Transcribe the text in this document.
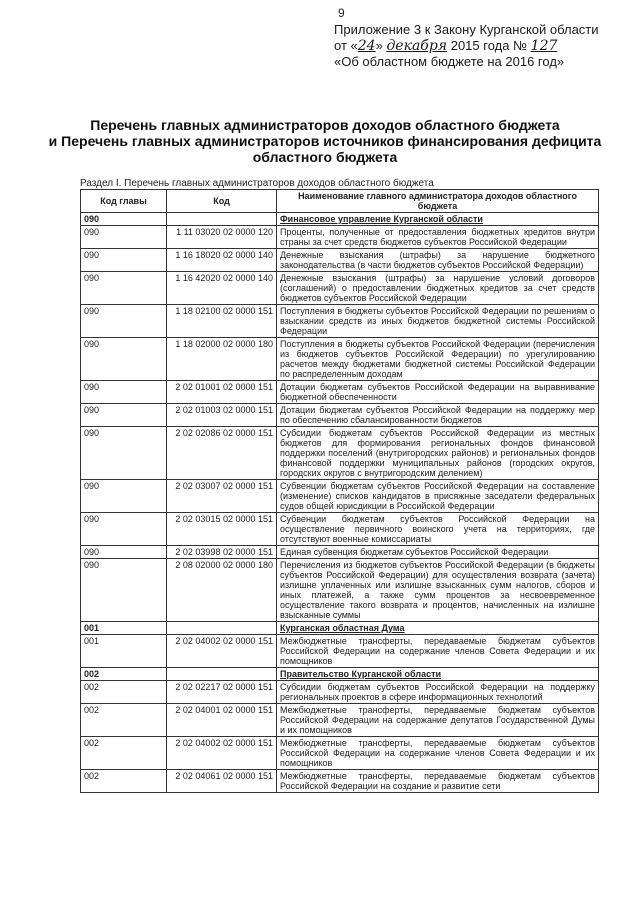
9
Приложение 3 к Закону Курганской области
от «24» декабря 2015 года № 127
«Об областном бюджете на 2016 год»
Перечень главных администраторов доходов областного бюджета
и Перечень главных администраторов источников финансирования дефицита
областного бюджета
Раздел I. Перечень главных администраторов доходов областного бюджета
Код главы	Код	Наименование главного администратора доходов областного бюджета
090		Финансовое управление Курганской области
090	1 11 03020 02 0000 120	Проценты, полученные от предоставления бюджетных кредитов внутри страны за счет средств бюджетов субъектов Российской Федерации
090	1 16 18020 02 0000 140	Денежные взыскания (штрафы) за нарушение бюджетного законодательства (в части бюджетов субъектов Российской Федерации)
090	1 16 42020 02 0000 140	Денежные взыскания (штрафы) за нарушение условий договоров (соглашений) о предоставлении бюджетных кредитов за счет средств бюджетов субъектов Российской Федерации
090	1 18 02100 02 0000 151	Поступления в бюджеты субъектов Российской Федерации по решениям о взыскании средств из иных бюджетов бюджетной системы Российской Федерации
090	1 18 02000 02 0000 180	Поступления в бюджеты субъектов Российской Федерации (перечисления из бюджетов субъектов Российской Федерации) по урегулированию расчетов между бюджетами бюджетной системы Российской Федерации по распределенным доходам
090	2 02 01001 02 0000 151	Дотации бюджетам субъектов Российской Федерации на выравнивание бюджетной обеспеченности
090	2 02 01003 02 0000 151	Дотации бюджетам субъектов Российской Федерации на поддержку мер по обеспечению сбалансированности бюджетов
090	2 02 02086 02 0000 151	Субсидии бюджетам субъектов Российской Федерации из местных бюджетов для формирования региональных фондов финансовой поддержки поселений (внутригородских районов) и региональных фондов финансовой поддержки муниципальных районов (городских округов, городских округов с внутригородским делением)
090	2 02 03007 02 0000 151	Субвенции бюджетам субъектов Российской Федерации на составление (изменение) списков кандидатов в присяжные заседатели федеральных судов общей юрисдикции в Российской Федерации
090	2 02 03015 02 0000 151	Субвенции бюджетам субъектов Российской Федерации на осуществление первичного воинского учета на территориях, где отсутствуют военные комиссариаты
090	2 02 03998 02 0000 151	Единая субвенция бюджетам субъектов Российской Федерации
090	2 08 02000 02 0000 180	Перечисления из бюджетов субъектов Российской Федерации (в бюджеты субъектов Российской Федерации) для осуществления возврата (зачета) излишне уплаченных или излишне взысканных сумм налогов, сборов и иных платежей, а также сумм процентов за несвоевременное осуществление такого возврата и процентов, начисленных на излишне взысканные суммы
001		Курганская областная Дума
001	2 02 04002 02 0000 151	Межбюджетные трансферты, передаваемые бюджетам субъектов Российской Федерации на содержание членов Совета Федерации и их помощников
002		Правительство Курганской области
002	2 02 02217 02 0000 151	Субсидии бюджетам субъектов Российской Федерации на поддержку региональных проектов в сфере информационных технологий
002	2 02 04001 02 0000 151	Межбюджетные трансферты, передаваемые бюджетам субъектов Российской Федерации на содержание депутатов Государственной Думы и их помощников
002	2 02 04002 02 0000 151	Межбюджетные трансферты, передаваемые бюджетам субъектов Российской Федерации на содержание членов Совета Федерации и их помощников
002	2 02 04061 02 0000 151	Межбюджетные трансферты, передаваемые бюджетам субъектов Российской Федерации на создание и развитие сети
